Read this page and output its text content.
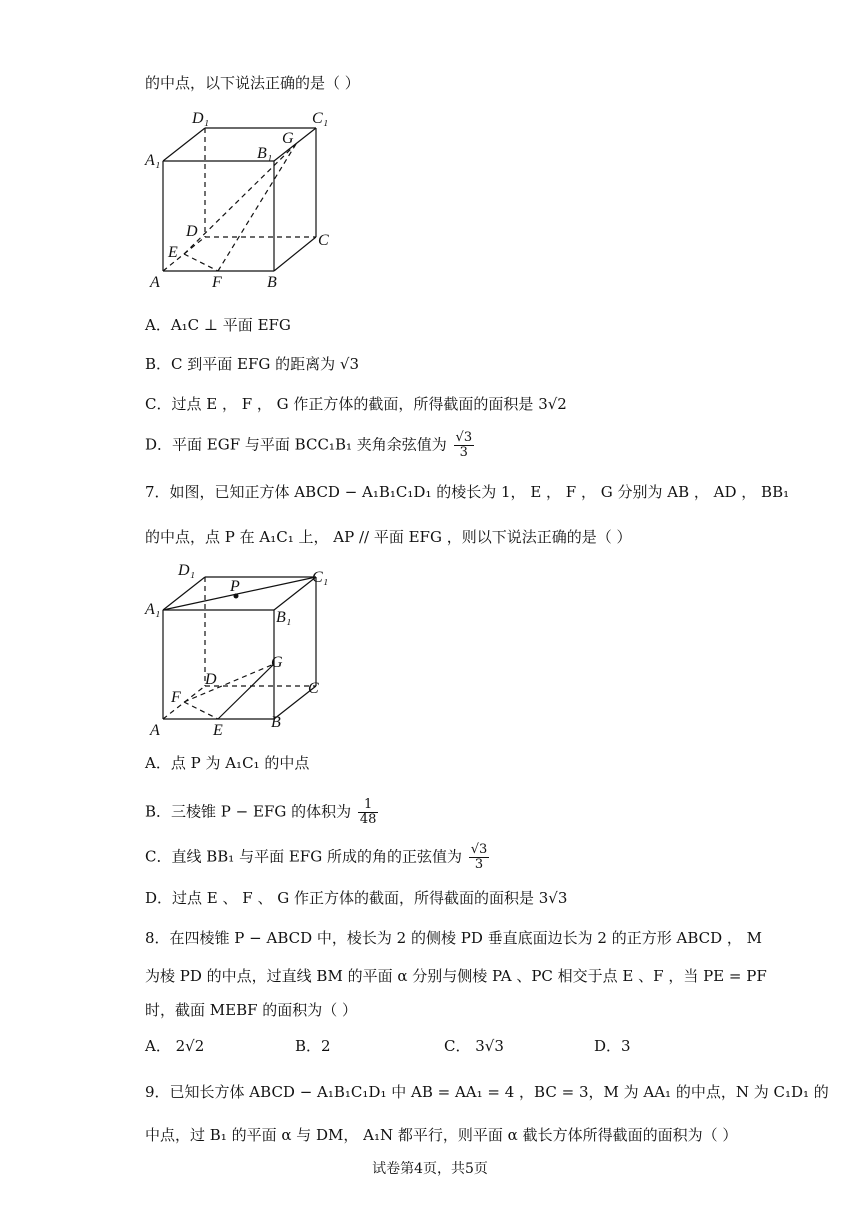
的中点，以下说法正确的是（ ）
D₁	C₁
A₁	B₁
G
D
C
E
A	F	B
A．A₁C ⊥ 平面 EFG
B．C 到平面 EFG 的距离为 √3
C．过点 E ， F ， G 作正方体的截面，所得截面的面积是 3√2
D．平面 EGF 与平面 BCC₁B₁ 夹角余弦值为 $\frac{√3}{3}$
7．如图，已知正方体 ABCD − A₁B₁C₁D₁ 的棱长为 1， E ， F ， G 分别为 AB ， AD ， BB₁
的中点，点 P 在 A₁C₁ 上， AP // 平面 EFG ，则以下说法正确的是（ ）
D₁
P
C₁
A₁	B₁
G
D
C
F
A	E	B
A．点 P 为 A₁C₁ 的中点
B．三棱锥 P − EFG 的体积为 $\frac{1}{48}$
C．直线 BB₁ 与平面 EFG 所成的角的正弦值为 $\frac{√3}{3}$
D．过点 E 、 F 、 G 作正方体的截面，所得截面的面积是 3√3
8．在四棱锥 P − ABCD 中，棱长为 2 的侧棱 PD 垂直底面边长为 2 的正方形 ABCD ， M
为棱 PD 的中点，过直线 BM 的平面 α 分别与侧棱 PA 、PC 相交于点 E 、F ，当 PE = PF
时，截面 MEBF 的面积为（ ）
A． 2√2	B．2	C． 3√3	D．3
9．已知长方体 ABCD − A₁B₁C₁D₁ 中 AB = AA₁ = 4 ，BC = 3，M 为 AA₁ 的中点，N 为 C₁D₁ 的
中点，过 B₁ 的平面 α 与 DM， A₁N 都平行，则平面 α 截长方体所得截面的面积为（ ）
试卷第4页，共5页
